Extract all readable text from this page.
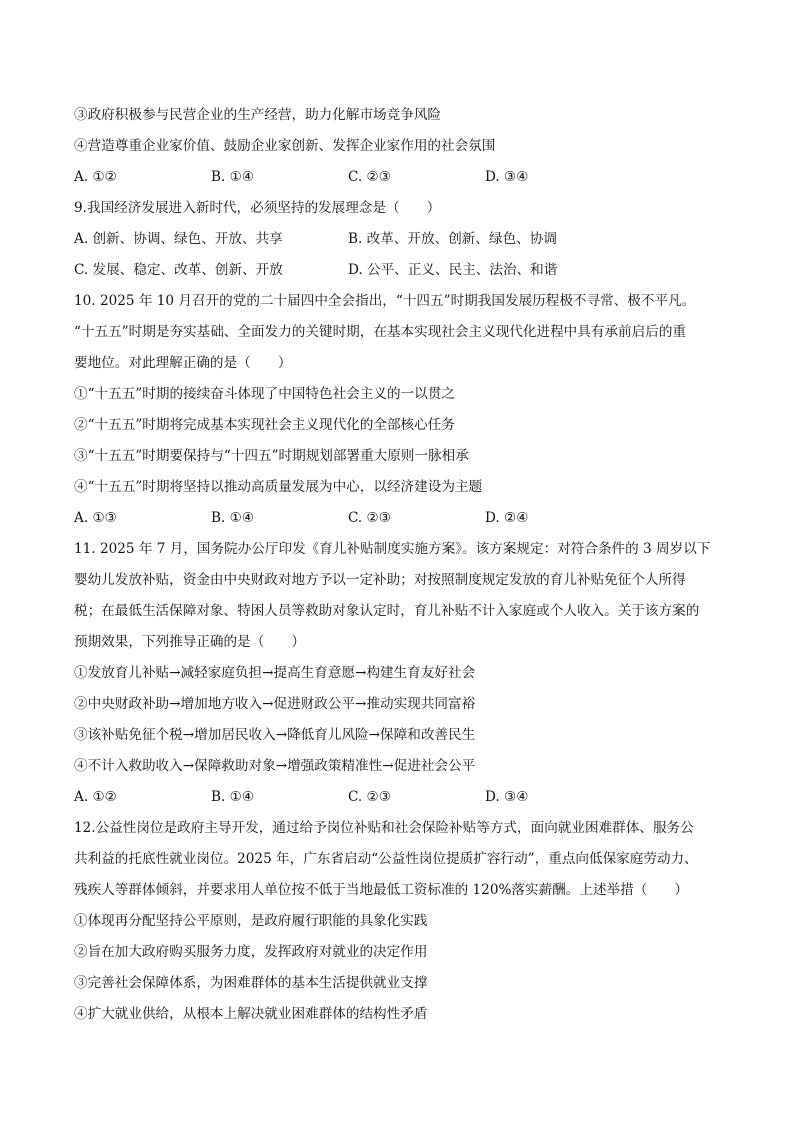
③政府积极参与民营企业的生产经营，助力化解市场竞争风险
④营造尊重企业家价值、鼓励企业家创新、发挥企业家作用的社会氛围
A. ①②	B. ①④	C. ②③	D. ③④
9.我国经济发展进入新时代，必须坚持的发展理念是（　　）
A. 创新、协调、绿色、开放、共享	B. 改革、开放、创新、绿色、协调
C. 发展、稳定、改革、创新、开放	D. 公平、正义、民主、法治、和谐
10. 2025 年 10 月召开的党的二十届四中全会指出，“十四五”时期我国发展历程极不寻常、极不平凡。
“十五五”时期是夯实基础、全面发力的关键时期，在基本实现社会主义现代化进程中具有承前启后的重
要地位。对此理解正确的是（　　）
①“十五五”时期的接续奋斗体现了中国特色社会主义的一以贯之
②“十五五”时期将完成基本实现社会主义现代化的全部核心任务
③“十五五”时期要保持与“十四五”时期规划部署重大原则一脉相承
④“十五五”时期将坚持以推动高质量发展为中心，以经济建设为主题
A. ①③	B. ①④	C. ②③	D. ②④
11. 2025 年 7 月，国务院办公厅印发《育儿补贴制度实施方案》。该方案规定：对符合条件的 3 周岁以下
婴幼儿发放补贴，资金由中央财政对地方予以一定补助；对按照制度规定发放的育儿补贴免征个人所得
税；在最低生活保障对象、特困人员等救助对象认定时，育儿补贴不计入家庭或个人收入。关于该方案的
预期效果，下列推导正确的是（　　）
①发放育儿补贴→减轻家庭负担→提高生育意愿→构建生育友好社会
②中央财政补助→增加地方收入→促进财政公平→推动实现共同富裕
③该补贴免征个税→增加居民收入→降低育儿风险→保障和改善民生
④不计入救助收入→保障救助对象→增强政策精准性→促进社会公平
A. ①②	B. ①④	C. ②③	D. ③④
12.公益性岗位是政府主导开发，通过给予岗位补贴和社会保险补贴等方式，面向就业困难群体、服务公
共利益的托底性就业岗位。2025 年，广东省启动“公益性岗位提质扩容行动”，重点向低保家庭劳动力、
残疾人等群体倾斜，并要求用人单位按不低于当地最低工资标准的 120%落实薪酬。上述举措（　　）
①体现再分配坚持公平原则，是政府履行职能的具象化实践
②旨在加大政府购买服务力度，发挥政府对就业的决定作用
③完善社会保障体系，为困难群体的基本生活提供就业支撑
④扩大就业供给，从根本上解决就业困难群体的结构性矛盾
